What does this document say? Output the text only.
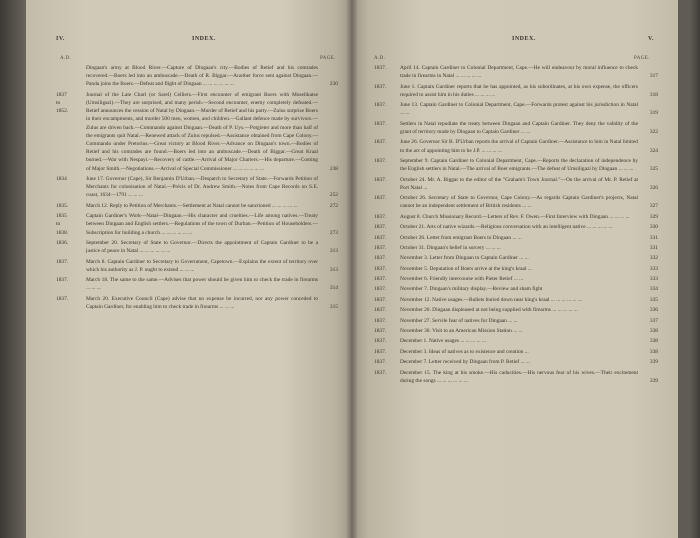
IV.	INDEX.
A.D.	PAGE.
Dingaan's army at Blood River.—Capture of Dingaan's city.—Bodies of Retief and his comrades recovered.—Boers led into an ambuscade.—Death of R. Biggar.—Another force sent against Dingaan.—Panda joins the Boers.—Defeat and flight of Dingaan ... ... ... ... ... ...	230
1837
to
1852.
Journal of the Late Charl (or Sarel) Celliers.—First encounter of emigrant Boers with Moselikatse (Umsiligazi).—They are surprised, and many perish.—Second encounter, enemy completely defeated.—Retief announces the cession of Natal by Dingaan.—Murder of Retief and his party.—Zulus surprise Boers in their encampments, and murder 500 men, women, and children.—Gallant defence made by survivors.—Zulus are driven back.—Commando against Dingaan.—Death of P. Uys.—Potgieter and more than half of the emigrants quit Natal.—Renewed attack of Zulus repulsed.—Assistance obtained from Cape Colony.—Commando under Pretorius.—Great victory at Blood River.—Advance on Dingaan's town.—Bodies of Retief and his comrades are found.—Boers led into an ambuscade.—Death of Biggar.—Great Kraal burned.—War with Nespayi.—Recovery of cattle.—Arrival of Major Charters.—His departure.—Coming of Major Smith.—Negotiations.—Arrival of Special Commissioner ... ... ... ... ... ...	238
1834	June 17. Governor (Cape), Sir Benjamin D'Urban.—Despatch to Secretary of State.—Forwards Petition of Merchants for colonisation of Natal.—Précis of Dr. Andrew Smith.—Notes from Cape Records on S.E. coast, 1634—1791 ... ... ...	252
1835.	March 12. Reply to Petition of Merchants.—Settlement at Natal cannot be sanctioned ... ... ... ... ...	272
1835
to
1838.
Captain Gardiner's Work—Natal—Dingaan.—His character and cruelties.—Life among natives.—Treaty between Dingaan and English settlers.—Regulations of the town of Durban.—Petition of Householders.—Subscription for building a church ... ... ... ... ... ...	273
1836.	September 20. Secretary of State to Governor.—Directs the appointment of Captain Gardiner to be a justice of peace in Natal ... ... ... ... ... ...	313
1837.	March 8. Captain Gardiner to Secretary to Government, Capetown.—Explains the extent of territory over which his authority as J. P. ought to extend ... ... ...	313
1837.	March 18. The same to the same.—Advises that power should be given him to check the trade in firearms ... ... ...	314
1837.	March 20. Executive Council (Cape) advise that no expense be incurred, nor any power conceded to Captain Gardiner, for enabling him to check trade in firearms ... ... ...	315
INDEX.	V.
A.D.	PAGE.
1837.	April 14. Captain Gardiner to Colonial Department, Cape.—He will endeavour by moral influence to check trade in firearms in Natal ... ... ... ... ...	317
1837.	June 1. Captain Gardiner reports that he has appointed, as his subordinates, at his own expense, the officers required to assist him in his duties ... ... ... ...	318
1837.	June 13. Captain Gardiner to Colonial Department, Cape.—Forwards protest against his jurisdiction in Natal ... ...	319
1837.	Settlers in Natal repudiate the treaty between Dingaan and Captain Gardiner. They deny the validity of the grant of territory made by Dingaan to Captain Gardiner ... ...	322
1837.	June 26. Governor Sir B. D'Urban reports the arrival of Captain Gardiner.—Assistance to him in Natal limited to the act of appointing him to be J.P. ... ... ... ...	324
1837.	September 9. Captain Gardiner to Colonial Department, Cape.—Reports the declaration of independence by the English settlers in Natal.—The arrival of Boer emigrants.—The defeat of Umsiligazi by Dingaan ... ... ...	325
1837.	October 24. Mr. A. Biggar to the editor of the "Graham's Town Journal."—On the arrival of Mr. P. Retief at Port Natal ...	326
1837.	October 26. Secretary of State to Governor, Cape Colony.—As regards Captain Gardiner's projects, Natal cannot be an independent settlement of British residents ... ...	327
1837.	August 8. Church Missionary Record.—Letters of Rev. F. Owen.—First Interview with Dingaan ... ... ... ...	329
1837.	October 21. Arts of native wizards.—Religious conversation with an intelligent native ... ... ... ... ...	330
1837.	October 26. Letter from emigrant Boers to Dingaan ... ...	331
1837.	October 31. Dingaan's belief in sorcery ... ... ...	331
1837.	November 3. Letter from Dingaan to Captain Gardiner ... ...	332
1837.	November 5. Deputation of Boers arrive at the king's kraal ...	333
1837.	November 6. Friendly intercourse with Pieter Retief ... ...	333
1837.	November 7. Dingaan's military display.—Review and sham fight	334
1837.	November 12. Native usages.—Bullets buried down near king's kraal ... ... ... ... ... ...	335
1837.	November 20. Dingaan displeased at not being supplied with firearms ... ... ... ... ...	336
1837.	November 27. Servile fear of natives for Dingaan ... ...	337
1837.	November 30. Visit to an American Mission Station ... ...	338
1837.	December 1. Native usages ... ... ... ... ...	338
1837.	December 3. Ideas of natives as to existence and creation ...	338
1837.	December 7. Letter received by Dingaan from P. Retief ... ...	339
1837.	December 15. The king at his smoke.—His caducities.—His nervous fear of his wives.—Their excitement during the songs ... ... ... ... ... ...	339
